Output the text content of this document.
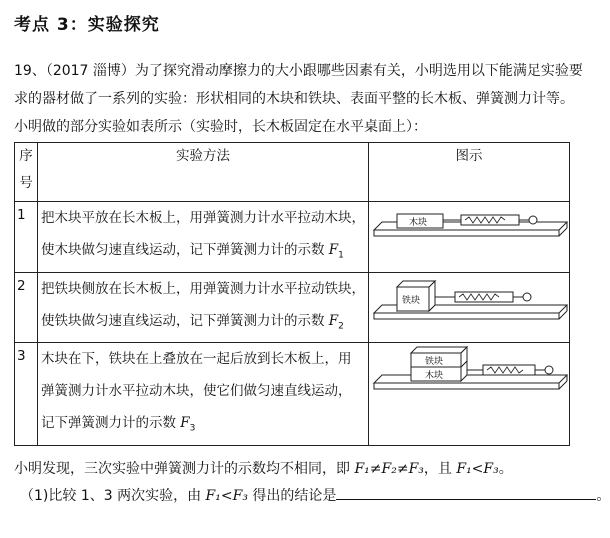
考点 3：实验探究
19、（2017 淄博）为了探究滑动摩擦力的大小跟哪些因素有关，小明选用以下能满足实验要
求的器材做了一系列的实验：形状相同的木块和铁块、表面平整的长木板、弹簧测力计等。
小明做的部分实验如表所示（实验时，长木板固定在水平桌面上）：
序号	实验方法	图示
1	把木块平放在长木板上，用弹簧测力计水平拉动木块，
使木块做匀速直线运动，记下弹簧测力计的示数 $F_1$	木块

2	把铁块侧放在长木板上，用弹簧测力计水平拉动铁块，
使铁块做匀速直线运动，记下弹簧测力计的示数 $F_2$	铁块

3	木块在下，铁块在上叠放在一起后放到长木板上，用
弹簧测力计水平拉动木块，使它们做匀速直线运动，
记下弹簧测力计的示数 $F_3$	铁块
木块
小明发现，三次实验中弹簧测力计的示数均不相同，即 F₁≠F₂≠F₃，且 F₁<F₃。
（1)比较 1、3 两次实验，由 F₁<F₃ 得出的结论是	。
